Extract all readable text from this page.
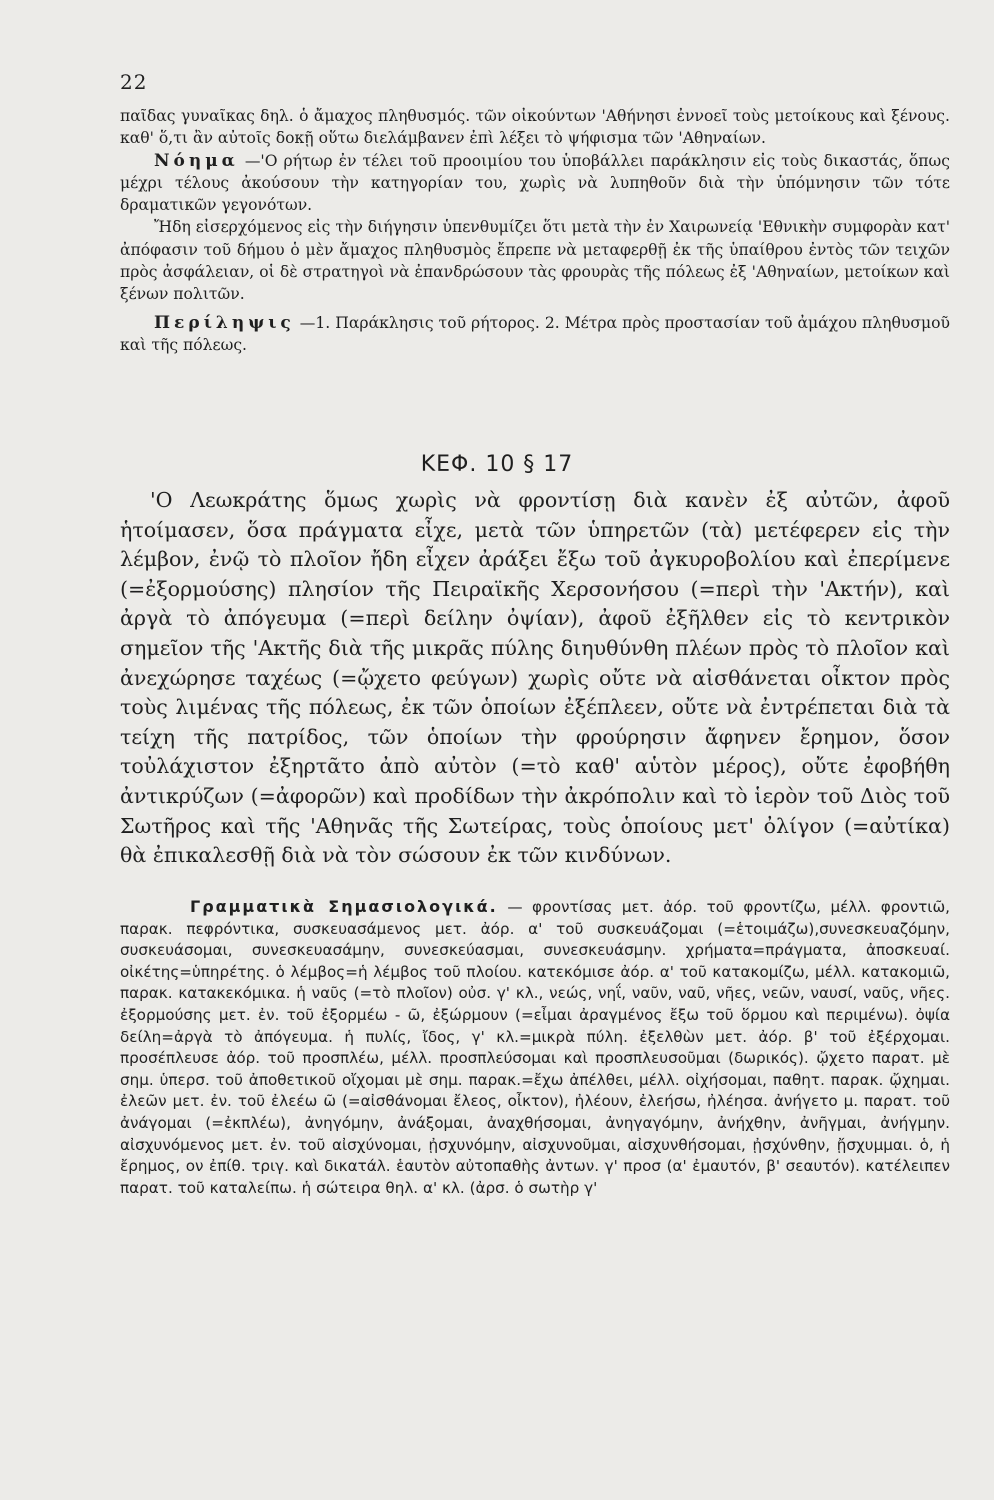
22

παῖδας γυναῖκας δηλ. ὁ ἄμαχος πληθυσμός. τῶν οἰκούντων 'Αθήνησι ἐννοεῖ τοὺς μετοίκους καὶ ξένους. καθ' ὅ,τι ἂν αὐτοῖς δοκῇ οὕτω διελάμβανεν ἐπὶ λέξει τὸ ψήφισμα τῶν 'Αθηναίων.

Νόημα —'Ο ρήτωρ ἐν τέλει τοῦ προοιμίου του ὑποβάλλει παράκλησιν εἰς τοὺς δικαστάς, ὅπως μέχρι τέλους ἀκούσουν τὴν κατηγορίαν του, χωρὶς νὰ λυπηθοῦν διὰ τὴν ὑπόμνησιν τῶν τότε δραματικῶν γεγονότων.

Ἤδη εἰσερχόμενος εἰς τὴν διήγησιν ὑπενθυμίζει ὅτι μετὰ τὴν ἐν Χαιρωνείᾳ 'Εθνικὴν συμφορὰν κατ' ἀπόφασιν τοῦ δήμου ὁ μὲν ἄμαχος πληθυσμὸς ἔπρεπε νὰ μεταφερθῇ ἐκ τῆς ὑπαίθρου ἐντὸς τῶν τειχῶν πρὸς ἀσφάλειαν, οἱ δὲ στρατηγοὶ νὰ ἐπανδρώσουν τὰς φρουρὰς τῆς πόλεως ἐξ 'Αθηναίων, μετοίκων καὶ ξένων πολιτῶν.

Περίληψις —1. Παράκλησις τοῦ ρήτορος. 2. Μέτρα πρὸς προστασίαν τοῦ ἀμάχου πληθυσμοῦ καὶ τῆς πόλεως.

ΚΕΦ. 10 § 17

'Ο Λεωκράτης ὅμως χωρὶς νὰ φροντίσῃ διὰ κανὲν ἐξ αὐτῶν, ἀφοῦ ἡτοίμασεν, ὅσα πράγματα εἶχε, μετὰ τῶν ὑπηρετῶν (τὰ) μετέφερεν εἰς τὴν λέμβον, ἐνῷ τὸ πλοῖον ἤδη εἶχεν ἀράξει ἔξω τοῦ ἀγκυροβολίου καὶ ἐπερίμενε (=ἐξορμούσης) πλησίον τῆς Πειραϊκῆς Χερσονήσου (=περὶ τὴν 'Ακτήν), καὶ ἀργὰ τὸ ἀπόγευμα (=περὶ δείλην ὀψίαν), ἀφοῦ ἐξῆλθεν εἰς τὸ κεντρικὸν σημεῖον τῆς 'Ακτῆς διὰ τῆς μικρᾶς πύλης διηυθύνθη πλέων πρὸς τὸ πλοῖον καὶ ἀνεχώρησε ταχέως (=ᾤχετο φεύγων) χωρὶς οὔτε νὰ αἰσθάνεται οἶκτον πρὸς τοὺς λιμένας τῆς πόλεως, ἐκ τῶν ὁποίων ἐξέπλεεν, οὔτε νὰ ἐντρέπεται διὰ τὰ τείχη τῆς πατρίδος, τῶν ὁποίων τὴν φρούρησιν ἄφηνεν ἔρημον, ὅσον τοὐλάχιστον ἐξηρτᾶτο ἀπὸ αὐτὸν (=τὸ καθ' αὑτὸν μέρος), οὔτε ἐφοβήθη ἀντικρύζων (=ἀφορῶν) καὶ προδίδων τὴν ἀκρόπολιν καὶ τὸ ἱερὸν τοῦ Διὸς τοῦ Σωτῆρος καὶ τῆς 'Αθηνᾶς τῆς Σωτείρας, τοὺς ὁποίους μετ' ὀλίγον (=αὐτίκα) θὰ ἐπικαλεσθῇ διὰ νὰ τὸν σώσουν ἐκ τῶν κινδύνων.

Γραμματικὰ Σημασιολογικά. — φροντίσας μετ. ἀόρ. τοῦ φροντίζω, μέλλ. φροντιῶ, παρακ. πεφρόντικα, συσκευασάμενος μετ. ἀόρ. α' τοῦ συσκευάζομαι (=ἑτοιμάζω),συνεσκευαζόμην, συσκευάσομαι, συνεσκευασάμην, συνεσκεύασμαι, συνεσκευάσμην. χρήματα=πράγματα, ἀποσκευαί. οἰκέτης=ὑπηρέτης. ὁ λέμβος=ἡ λέμβος τοῦ πλοίου. κατεκόμισε ἀόρ. α' τοῦ κατακομίζω, μέλλ. κατακομιῶ, παρακ. κατακεκόμικα. ἡ ναῦς (=τὸ πλοῖον) οὐσ. γ' κλ., νεώς, νηΐ, ναῦν, ναῦ, νῆες, νεῶν, ναυσί, ναῦς, νῆες. ἐξορμούσης μετ. ἐν. τοῦ ἐξορμέω - ῶ, ἐξώρμουν (=εἶμαι ἀραγμένος ἔξω τοῦ ὅρμου καὶ περιμένω). ὀψία δείλη=ἀργὰ τὸ ἀπόγευμα. ἡ πυλίς, ἴδος, γ' κλ.=μικρὰ πύλη. ἐξελθὼν μετ. ἀόρ. β' τοῦ ἐξέρχομαι. προσέπλευσε ἀόρ. τοῦ προσπλέω, μέλλ. προσπλεύσομαι καὶ προσπλευσοῦμαι (δωρικός). ᾤχετο παρατ. μὲ σημ. ὑπερσ. τοῦ ἀποθετικοῦ οἴχομαι μὲ σημ. παρακ.=ἔχω ἀπέλθει, μέλλ. οἰχήσομαι, παθητ. παρακ. ᾤχημαι. ἐλεῶν μετ. ἐν. τοῦ ἐλεέω ῶ (=αἰσθάνομαι ἔλεος, οἶκτον), ἠλέουν, ἐλεήσω, ἠλέησα. ἀνήγετο μ. παρατ. τοῦ ἀνάγομαι (=ἐκπλέω), ἀνηγόμην, ἀνάξομαι, ἀναχθήσομαι, ἀνηγαγόμην, ἀνήχθην, ἀνῆγμαι, ἀνήγμην. αἰσχυνόμενος μετ. ἐν. τοῦ αἰσχύνομαι, ᾐσχυνόμην, αἰσχυνοῦμαι, αἰσχυνθήσομαι, ᾐσχύνθην, ᾔσχυμμαι. ὁ, ἡ ἔρημος, ον ἐπίθ. τριγ. καὶ δικατάλ. ἑαυτὸν αὐτοπαθὴς ἀντων. γ' προσ (α' ἐμαυτόν, β' σεαυτόν). κατέλειπεν παρατ. τοῦ καταλείπω. ἡ σώτειρα θηλ. α' κλ. (ἀρσ. ὁ σωτὴρ γ'
